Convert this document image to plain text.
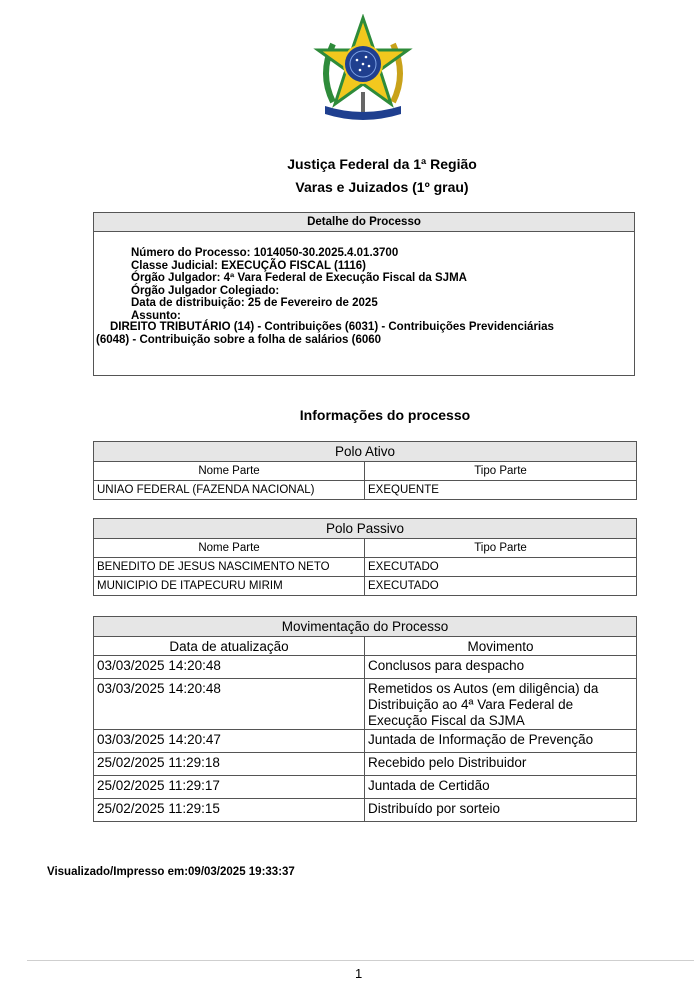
Justiça Federal da 1ª Região
Varas e Juizados (1º grau)
Detalhe do Processo
Número do Processo: 1014050-30.2025.4.01.3700
Classe Judicial: EXECUÇÃO FISCAL (1116)
Órgão Julgador: 4ª Vara Federal de Execução Fiscal da SJMA
Órgão Julgador Colegiado:
Data de distribuição: 25 de Fevereiro de 2025
Assunto:
DIREITO TRIBUTÁRIO (14) - Contribuições (6031) - Contribuições Previdenciárias
(6048) - Contribuição sobre a folha de salários (6060
Informações do processo
Polo Ativo	
Nome Parte	Tipo Parte
UNIAO FEDERAL (FAZENDA NACIONAL)	EXEQUENTE
Polo Passivo	
Nome Parte	Tipo Parte
BENEDITO DE JESUS NASCIMENTO NETO	EXECUTADO
MUNICIPIO DE ITAPECURU MIRIM	EXECUTADO
Movimentação do Processo	
Data de atualização	Movimento
03/03/2025 14:20:48	Conclusos para despacho
03/03/2025 14:20:48	Remetidos os Autos (em diligência) da Distribuição ao 4ª Vara Federal de Execução Fiscal da SJMA
03/03/2025 14:20:47	Juntada de Informação de Prevenção
25/02/2025 11:29:18	Recebido pelo Distribuidor
25/02/2025 11:29:17	Juntada de Certidão
25/02/2025 11:29:15	Distribuído por sorteio
Visualizado/Impresso em:09/03/2025 19:33:37
1
